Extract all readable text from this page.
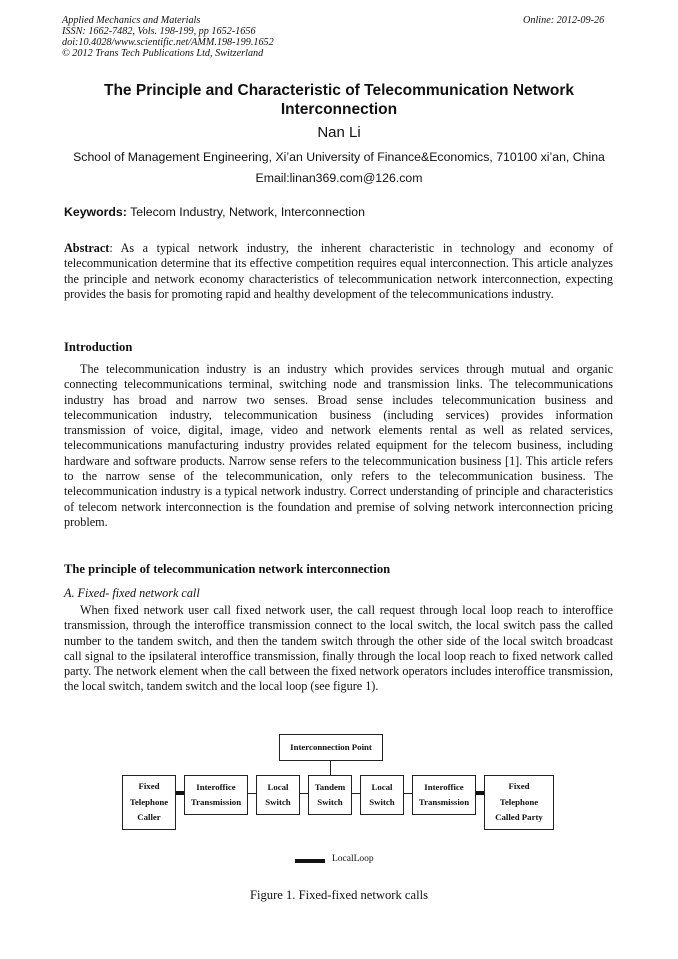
Applied Mechanics and Materials
ISSN: 1662-7482, Vols. 198-199, pp 1652-1656
doi:10.4028/www.scientific.net/AMM.198-199.1652
© 2012 Trans Tech Publications Ltd, Switzerland
Online: 2012-09-26
The Principle and Characteristic of Telecommunication Network
Interconnection
Nan Li
School of Management Engineering, Xi’an University of Finance&Economics, 710100 xi’an, China
Email:linan369.com@126.com
Keywords: Telecom Industry, Network, Interconnection

Abstract: As a typical network industry, the inherent characteristic in technology and economy of telecommunication determine that its effective competition requires equal interconnection. This article analyzes the principle and network economy characteristics of telecommunication network interconnection, expecting provides the basis for promoting rapid and healthy development of the telecommunications industry.

Introduction

The telecommunication industry is an industry which provides services through mutual and organic connecting telecommunications terminal, switching node and transmission links. The telecommunications industry has broad and narrow two senses. Broad sense includes telecommunication business and telecommunication industry, telecommunication business (including services) provides information transmission of voice, digital, image, video and network elements rental as well as related services, telecommunications manufacturing industry provides related equipment for the telecom business, including hardware and software products. Narrow sense refers to the telecommunication business [1]. This article refers to the narrow sense of the telecommunication, only refers to the telecommunication business. The telecommunication industry is a typical network industry. Correct understanding of principle and characteristics of telecom network interconnection is the foundation and premise of solving network interconnection pricing problem.

The principle of telecommunication network interconnection
A. Fixed- fixed network call

When fixed network user call fixed network user, the call request through local loop reach to interoffice transmission, through the interoffice transmission connect to the local switch, the local switch pass the called number to the tandem switch, and then the tandem switch through the other side of the local switch broadcast call signal to the ipsilateral interoffice transmission, finally through the local loop reach to fixed network called party. The network element when the call between the fixed network operators includes interoffice transmission, the local switch, tandem switch and the local loop (see figure 1).

Interconnection Point
Fixed
Telephone
Caller
Interoffice
Transmission
Local
Switch
Tandem
Switch
Local
Switch
Interoffice
Transmission
Fixed
Telephone
Called Party
LocalLoop
Figure 1. Fixed-fixed network calls
